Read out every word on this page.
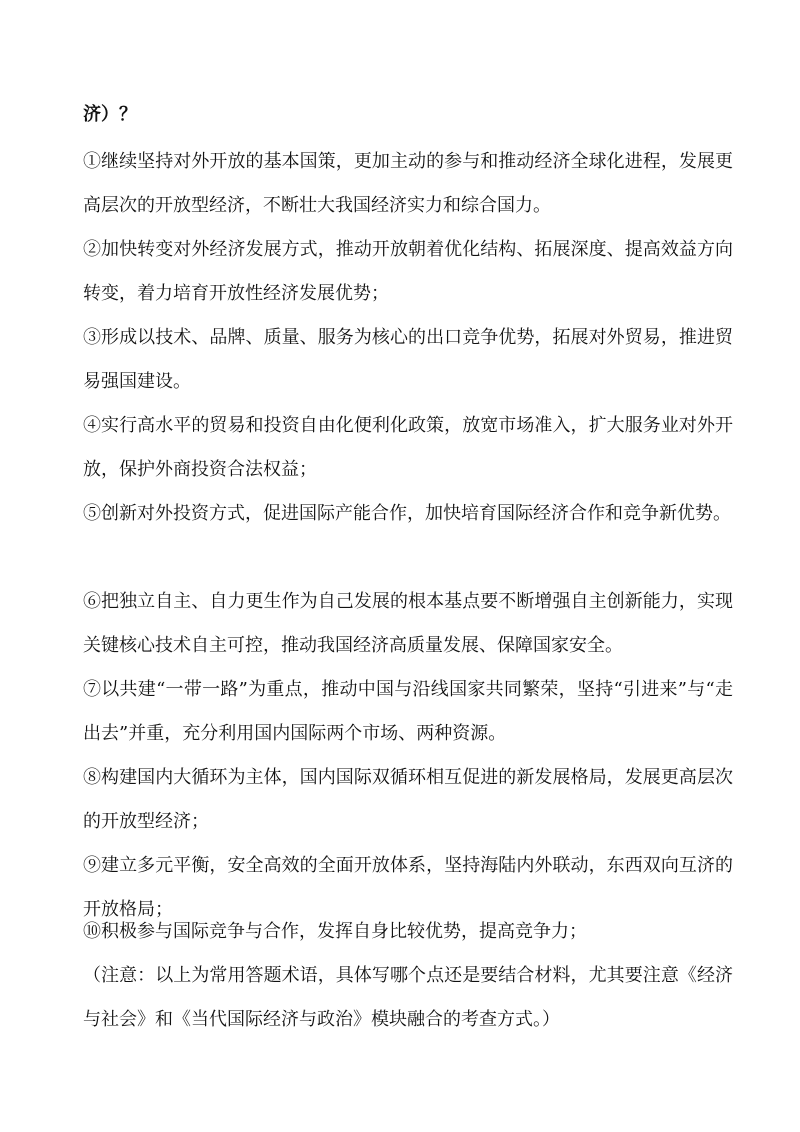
济）？
①继续坚持对外开放的基本国策，更加主动的参与和推动经济全球化进程，发展更高层次的开放型经济，不断壮大我国经济实力和综合国力。
②加快转变对外经济发展方式，推动开放朝着优化结构、拓展深度、提高效益方向转变，着力培育开放性经济发展优势；
③形成以技术、品牌、质量、服务为核心的出口竞争优势，拓展对外贸易，推进贸易强国建设。
④实行高水平的贸易和投资自由化便利化政策，放宽市场准入，扩大服务业对外开放，保护外商投资合法权益；
⑤创新对外投资方式，促进国际产能合作，加快培育国际经济合作和竞争新优势。
⑥把独立自主、自力更生作为自己发展的根本基点要不断增强自主创新能力，实现关键核心技术自主可控，推动我国经济高质量发展、保障国家安全。
⑦以共建“一带一路”为重点，推动中国与沿线国家共同繁荣，坚持“引进来”与“走出去”并重，充分利用国内国际两个市场、两种资源。
⑧构建国内大循环为主体，国内国际双循环相互促进的新发展格局，发展更高层次的开放型经济；
⑨建立多元平衡，安全高效的全面开放体系，坚持海陆内外联动，东西双向互济的开放格局；
⑩积极参与国际竞争与合作，发挥自身比较优势，提高竞争力；
（注意：以上为常用答题术语，具体写哪个点还是要结合材料，尤其要注意《经济与社会》和《当代国际经济与政治》模块融合的考查方式。）
